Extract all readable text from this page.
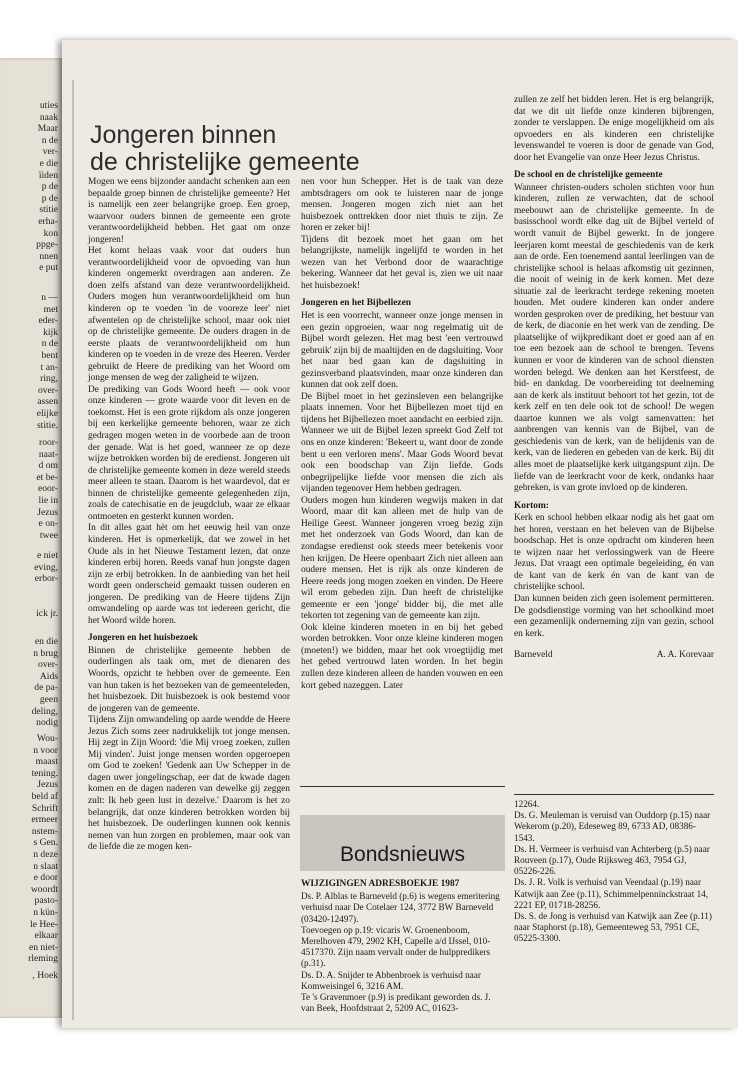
uties
naak
Maar
n de
ver-
e die
ïiden
p de
p de
stitie
erha-
kon
ppge-
nnen
e put
n —
met
eder-
kijk
n de
bent
t an-
ring,
over-
assen
elijke
stitie.
roor-
naat-
d om
et be-
eoor-
lie in
Jezus
e on-
twee
e niet
eving,
erbor-
ick jr.
en die
n brug
over-
Aids
de pa-
geen
deling,
nodig
Wou-
n voor
maast
tening.
Jezus
beld af
Schrift
ermeer
nstem-
s Gen.
n deze
n slaat
e door
woordt
pasto-
n kün-
le Hee-
elkaar
en niet-
rleming
, Hoek
Jongeren binnen
de christelijke gemeente

Mogen we eens bijzonder aandacht schenken aan een bepaalde groep binnen de christelijke gemeente? Het is namelijk een zeer belangrijke groep. Een groep, waarvoor ouders binnen de gemeente een grote verantwoordelijkheid hebben. Het gaat om onze jongeren!

Het komt helaas vaak voor dat ouders hun verantwoordelijkheid voor de opvoeding van hun kinderen ongemerkt overdragen aan anderen. Ze doen zelfs afstand van deze verantwoordelijkheid. Ouders mogen hun verantwoordelijkheid om hun kinderen op te voeden 'in de vooreze leer' niet afwentelen op de christelijke school, maar ook niet op de christelijke gemeente. De ouders dragen in de eerste plaats de verantwoordelijkheid om hun kinderen op te voeden in de vreze des Heeren. Verder gebruikt de Heere de prediking van het Woord om jonge mensen de weg der zaligheid te wijzen.

De prediking van Gods Woord heeft — ook voor onze kinderen — grote waarde voor dit leven en de toekomst. Het is een grote rijkdom als onze jongeren bij een kerkelijke gemeente behoren, waar ze zich gedragen mogen weten in de voorbede aan de troon der genade. Wat is het goed, wanneer ze op deze wijze betrokken worden bij de eredienst. Jongeren uit de christelijke gemeente komen in deze wereld steeds meer alleen te staan. Daarom is het waardevol, dat er binnen de christelijke gemeente gelegenheden zijn, zoals de catechisatie en de jeugdclub, waar ze elkaar ontmoeten en gesterkt kunnen worden.

In dit alles gaat hèt om het eeuwig heil van onze kinderen. Het is opmerkelijk, dat we zowel in het Oude als in het Nieuwe Testament lezen, dat onze kinderen erbij horen. Reeds vanaf hun jongste dagen zijn ze erbij betrokken. In de aanbieding van het heil wordt geen onderscheid gemaakt tussen ouderen en jongeren. De prediking van de Heere tijdens Zijn omwandeling op aarde was tot iedereen gericht, die het Woord wilde horen.

Jongeren en het huisbezoek

Binnen de christelijke gemeente hebben de ouderlingen als taak om, met de dienaren des Woords, opzicht te hebben over de gemeente. Een van hun taken is het bezoeken van de gemeenteleden, het huisbezoek. Dit huisbezoek is ook bestemd voor de jongeren van de gemeente.

Tijdens Zijn omwandeling op aarde wendde de Heere Jezus Zich soms zeer nadrukkelijk tot jonge mensen. Hij zegt in Zijn Woord: 'die Mij vroeg zoeken, zullen Mij vinden'. Juist jonge mensen worden opgeroepen om God te zoeken! 'Gedenk aan Uw Schepper in de dagen uwer jongelingschap, eer dat de kwade dagen komen en de dagen naderen van dewelke gij zeggen zult: Ik heb geen lust in dezelve.' Daarom is het zo belangrijk, dat onze kinderen betrokken worden bij het huisbezoek. De ouderlingen kunnen ook kennis nemen van hun zorgen en problemen, maar ook van de liefde die ze mogen ken-

nen voor hun Schepper. Het is de taak van deze ambtsdragers om ook te luisteren naar de jonge mensen. Jongeren mogen zich niet aan het huisbezoek onttrekken door niet thuis te zijn. Ze horen er zeker bij!

Tijdens dit bezoek moet het gaan om het belangrijkste, namelijk ingelijfd te worden in het wezen van het Verbond door de waarachtige bekering. Wanneer dat het geval is, zien we uit naar het huisbezoek!

Jongeren en het Bijbellezen

Het is een voorrecht, wanneer onze jonge mensen in een gezin opgroeien, waar nog regelmatig uit de Bijbel wordt gelezen. Het mag best 'een vertrouwd gebruik' zijn bij de maaltijden en de dagsluiting. Voor het naar bed gaan kan de dagsluiting in gezinsverband plaatsvinden, maar onze kinderen dan kunnen dat ook zelf doen.

De Bijbel moet in het gezinsleven een belangrijke plaats innemen. Voor het Bijbellezen moet tijd en tijdens het Bijbellezen moet aandacht en eerbied zijn. Wanneer we uit de Bijbel lezen spreekt God Zelf tot ons en onze kinderen: 'Bekeert u, want door de zonde bent u een verloren mens'. Maar Gods Woord bevat ook een boodschap van Zijn liefde. Gods onbegrijpelijke liefde voor mensen die zich als vijanden tegenover Hem hebben gedragen.

Ouders mogen hun kinderen wegwijs maken in dat Woord, maar dit kan alleen met de hulp van de Heilige Geest. Wanneer jongeren vroeg bezig zijn met het onderzoek van Gods Woord, dan kan de zondagse eredienst ook steeds meer betekenis voor hen krijgen. De Heere openbaart Zich niet alleen aan oudere mensen. Het is rijk als onze kinderen de Heere reeds jong mogen zoeken en vinden. De Heere wil erom gebeden zijn. Dan heeft de christelijke gemeente er een 'jonge' bidder bij, die met alle tekorten tot zegening van de gemeente kan zijn.

Ook kleine kinderen moeten in en bij het gebed worden betrokken. Voor onze kleine kinderen mogen (moeten!) we bidden, maar het ook vroegtijdig met het gebed vertrouwd laten worden. In het begin zullen deze kinderen alleen de handen vouwen en een kort gebed nazeggen. Later

zullen ze zelf het bidden leren. Het is erg belangrijk, dat we dit uit liefde onze kinderen bijbrengen, zonder te verslappen. De enige mogelijkheid om als opvoeders en als kinderen een christelijke levenswandel te voeren is door de genade van God, door het Evangelie van onze Heer Jezus Christus.

De school en de christelijke gemeente

Wanneer christen-ouders scholen stichten voor hun kinderen, zullen ze verwachten, dat de school meebouwt aan de christelijke gemeente. In de basisschool wordt elke dag uit de Bijbel verteld of wordt vanuit de Bijbel gewerkt. In de jongere leerjaren komt meestal de geschiedenis van de kerk aan de orde. Een toenemend aantal leerlingen van de christelijke school is helaas afkomstig uit gezinnen, die nooit of weinig in de kerk komen. Met deze situatie zal de leerkracht terdege rekening moeten houden. Met oudere kinderen kan onder andere worden gesproken over de prediking, het bestuur van de kerk, de diaconie en het werk van de zending. De plaatselijke of wijkpredikant doet er goed aan af en toe een bezoek aan de school te brengen. Tevens kunnen er voor de kinderen van de school diensten worden belegd. We denken aan het Kerstfeest, de bid- en dankdag. De voorbereiding tot deelneming aan de kerk als instituut behoort tot het gezin, tot de kerk zelf en ten dele ook tot de school! De wegen daartoe kunnen we als volgt samenvatten: het aanbrengen van kennis van de Bijbel, van de geschiedenis van de kerk, van de belijdenis van de kerk, van de liederen en gebeden van de kerk. Bij dit alles moet de plaatselijke kerk uitgangspunt zijn. De liefde van de leerkracht voor de kerk, ondanks haar gebreken, is van grote invloed op de kinderen.

Kortom:

Kerk en school hebben elkaar nodig als het gaat om het horen, verstaan en het beleven van de Bijbelse boodschap. Het is onze opdracht om kinderen heen te wijzen naar het verlossingwerk van de Heere Jezus. Dat vraagt een optimale begeleiding, én van de kant van de kerk én van de kant van de christelijke school.

Dan kunnen beiden zich geen isolement permitteren. De godsdienstige vorming van het schoolkind moet een gezamenlijk onderneming zijn van gezin, school en kerk.

Barneveld	A. A. Korevaar
Bondsnieuws
WIJZIGINGEN ADRESBOEKJE 1987

Ds. P. Alblas te Barneveld (p.6) is wegens emeritering verhuisd naar De Cotelaer 124, 3772 BW Barneveld (03420-12497).

Toevoegen op p.19: vicaris W. Groenenboom, Merelhoven 479, 2902 KH, Capelle a/d IJssel, 010-4517370. Zijn naam vervalt onder de hulppredikers (p.31).

Ds. D. A. Snijder te Abbenbroek is verhuisd naar Komweisingel 6, 3216 AM.

Te 's Gravenmoer (p.9) is predikant geworden ds. J. van Beek, Hoofdstraat 2, 5209 AC, 01623-

12264.

Ds. G. Meuleman is veruisd van Ouddorp (p.15) naar Wekerom (p.20), Edeseweg 89, 6733 AD, 08386-1543.

Ds. H. Vermeer is verhuisd van Achterberg (p.5) naar Rouveen (p.17), Oude Rijksweg 463, 7954 GJ, 05226-226.

Ds. J. R. Volk is verhuisd van Veendaal (p.19) naar Katwijk aan Zee (p.11), Schimmelpenninckstraat 14, 2221 EP, 01718-28256.

Ds. S. de Jong is verhuisd van Katwijk aan Zee (p.11) naar Staphorst (p.18), Gemeenteweg 53, 7951 CE, 05225-3300.
